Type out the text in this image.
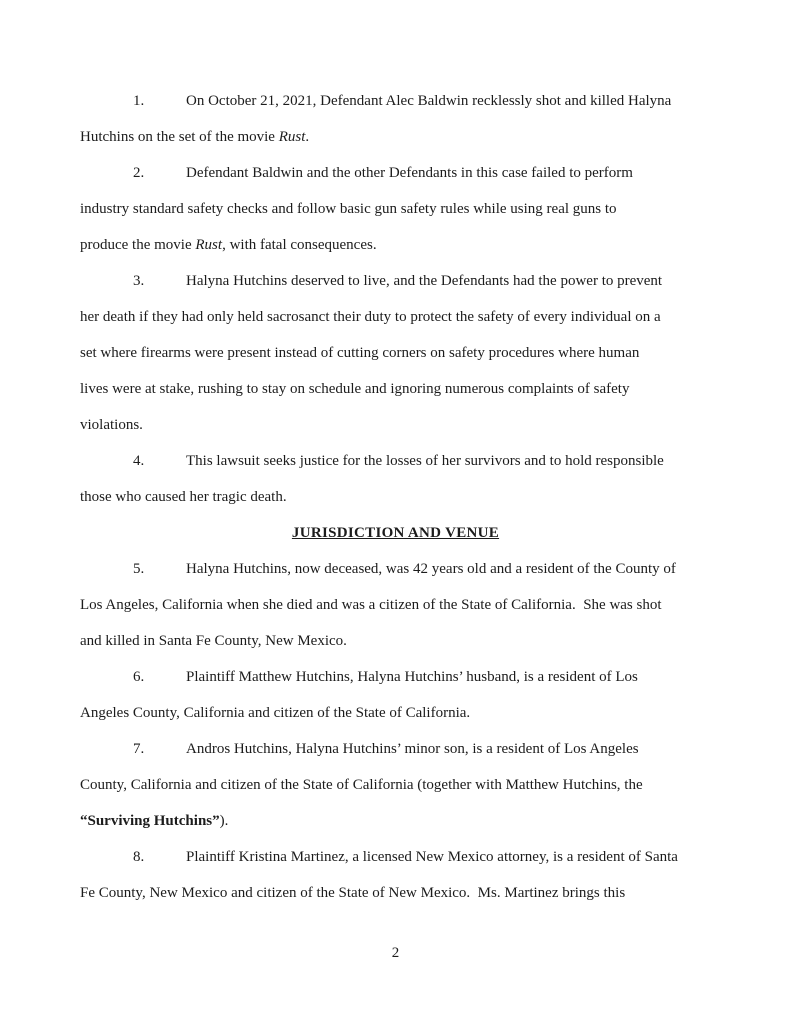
1.	On October 21, 2021, Defendant Alec Baldwin recklessly shot and killed Halyna
Hutchins on the set of the movie Rust.
2.	Defendant Baldwin and the other Defendants in this case failed to perform
industry standard safety checks and follow basic gun safety rules while using real guns to
produce the movie Rust, with fatal consequences.
3.	Halyna Hutchins deserved to live, and the Defendants had the power to prevent
her death if they had only held sacrosanct their duty to protect the safety of every individual on a
set where firearms were present instead of cutting corners on safety procedures where human
lives were at stake, rushing to stay on schedule and ignoring numerous complaints of safety
violations.
4.	This lawsuit seeks justice for the losses of her survivors and to hold responsible
those who caused her tragic death.
JURISDICTION AND VENUE
5.	Halyna Hutchins, now deceased, was 42 years old and a resident of the County of
Los Angeles, California when she died and was a citizen of the State of California.  She was shot
and killed in Santa Fe County, New Mexico.
6.	Plaintiff Matthew Hutchins, Halyna Hutchins’ husband, is a resident of Los
Angeles County, California and citizen of the State of California.
7.	Andros Hutchins, Halyna Hutchins’ minor son, is a resident of Los Angeles
County, California and citizen of the State of California (together with Matthew Hutchins, the
“Surviving Hutchins”).
8.	Plaintiff Kristina Martinez, a licensed New Mexico attorney, is a resident of Santa
Fe County, New Mexico and citizen of the State of New Mexico.  Ms. Martinez brings this
2
